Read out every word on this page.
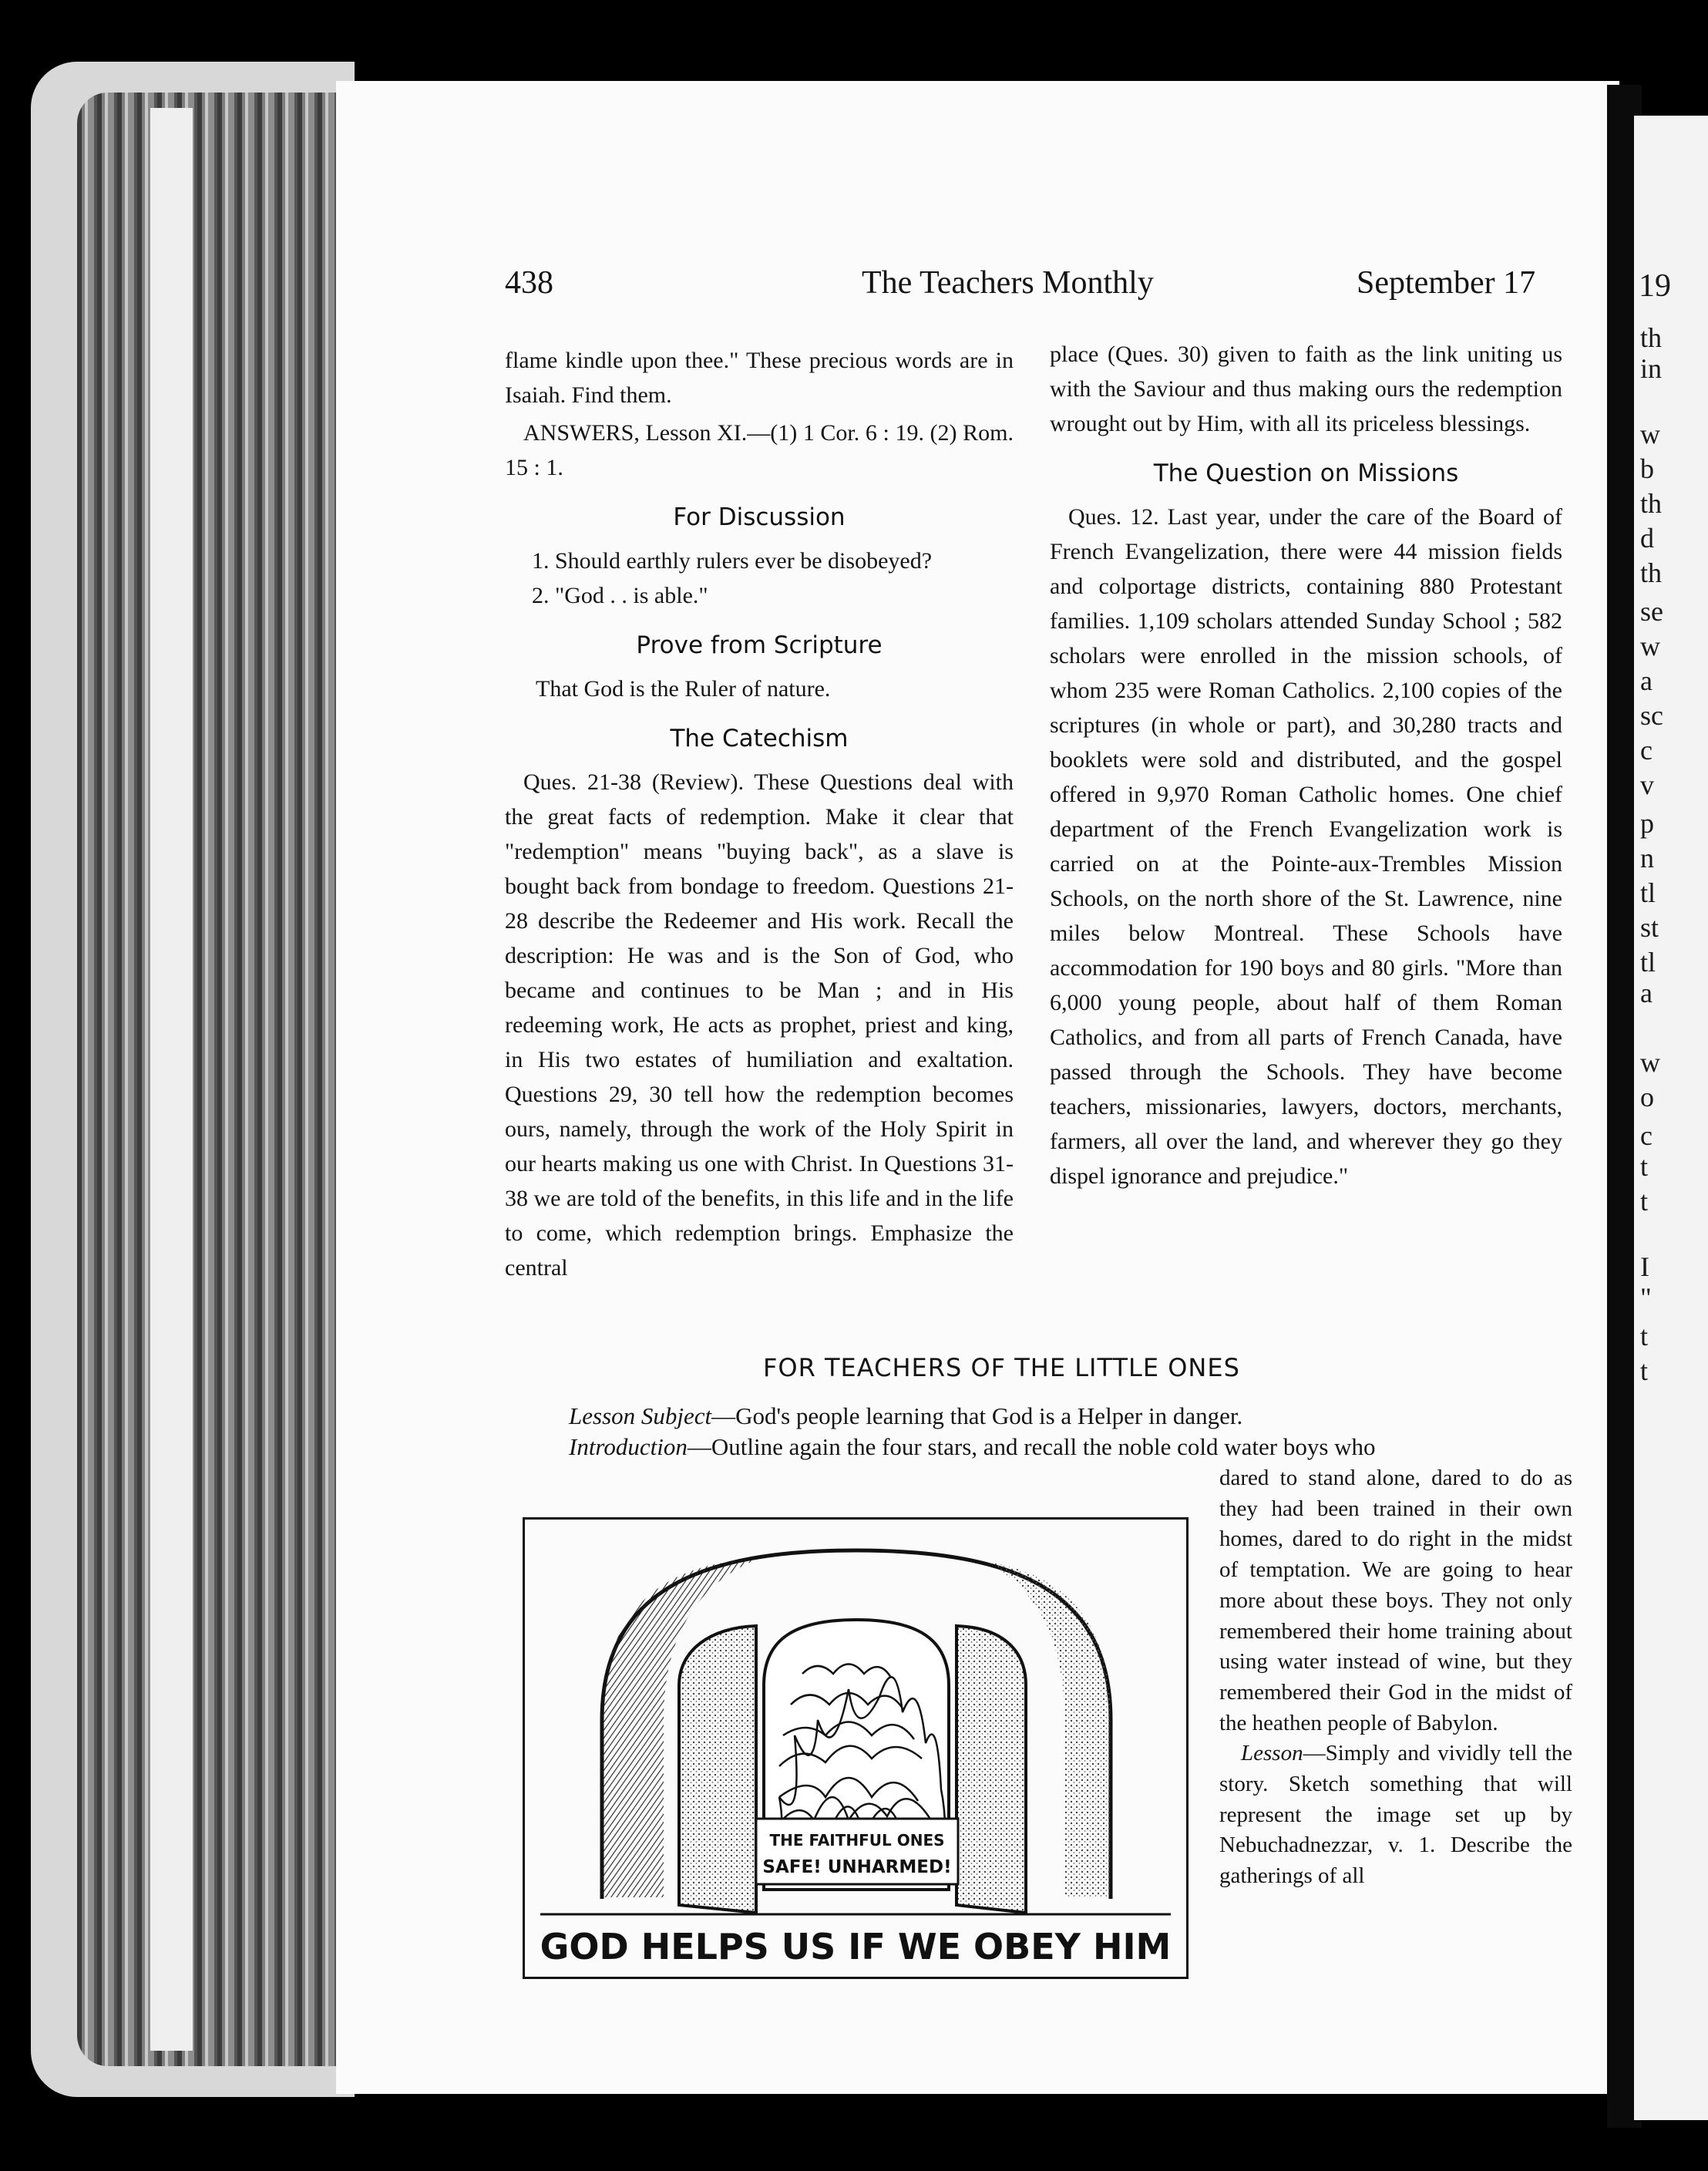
19
th
in
w
b
th
d
th
se
w
a
sc
c
v
p
n
tl
st
tl
a
w
o
c
t
t
I
"
t
t
438	The Teachers Monthly	September 17

flame kindle upon thee." These precious words are in Isaiah. Find them.

ANSWERS, Lesson XI.—(1) 1 Cor. 6 : 19. (2) Rom. 15 : 1.

For Discussion

1. Should earthly rulers ever be disobeyed?

2. "God . . is able."

Prove from Scripture

That God is the Ruler of nature.

The Catechism

Ques. 21-38 (Review). These Questions deal with the great facts of redemption. Make it clear that "redemption" means "buying back", as a slave is bought back from bondage to freedom. Questions 21-28 describe the Redeemer and His work. Recall the description: He was and is the Son of God, who became and continues to be Man ; and in His redeeming work, He acts as prophet, priest and king, in His two estates of humiliation and exaltation. Questions 29, 30 tell how the redemption becomes ours, namely, through the work of the Holy Spirit in our hearts making us one with Christ. In Questions 31-38 we are told of the benefits, in this life and in the life to come, which redemption brings. Emphasize the central

place (Ques. 30) given to faith as the link uniting us with the Saviour and thus making ours the redemption wrought out by Him, with all its priceless blessings.

The Question on Missions

Ques. 12. Last year, under the care of the Board of French Evangelization, there were 44 mission fields and colportage districts, containing 880 Protestant families. 1,109 scholars attended Sunday School ; 582 scholars were enrolled in the mission schools, of whom 235 were Roman Catholics. 2,100 copies of the scriptures (in whole or part), and 30,280 tracts and booklets were sold and distributed, and the gospel offered in 9,970 Roman Catholic homes. One chief department of the French Evangelization work is carried on at the Pointe-aux-Trembles Mission Schools, on the north shore of the St. Lawrence, nine miles below Montreal. These Schools have accommodation for 190 boys and 80 girls. "More than 6,000 young people, about half of them Roman Catholics, and from all parts of French Canada, have passed through the Schools. They have become teachers, missionaries, lawyers, doctors, merchants, farmers, all over the land, and wherever they go they dispel ignorance and prejudice."

FOR TEACHERS OF THE LITTLE ONES
Lesson Subject—God's people learning that God is a Helper in danger.
Introduction—Outline again the four stars, and recall the noble cold water boys who

dared to stand alone, dared to do as they had been trained in their own homes, dared to do right in the midst of temptation. We are going to hear more about these boys. They not only remembered their home training about using water instead of wine, but they remembered their God in the midst of the heathen people of Babylon.

Lesson—Simply and vividly tell the story. Sketch something that will represent the image set up by Nebuchadnezzar, v. 1. Describe the gatherings of all

THE FAITHFUL ONES
SAFE! UNHARMED!
GOD HELPS US IF WE OBEY HIM
